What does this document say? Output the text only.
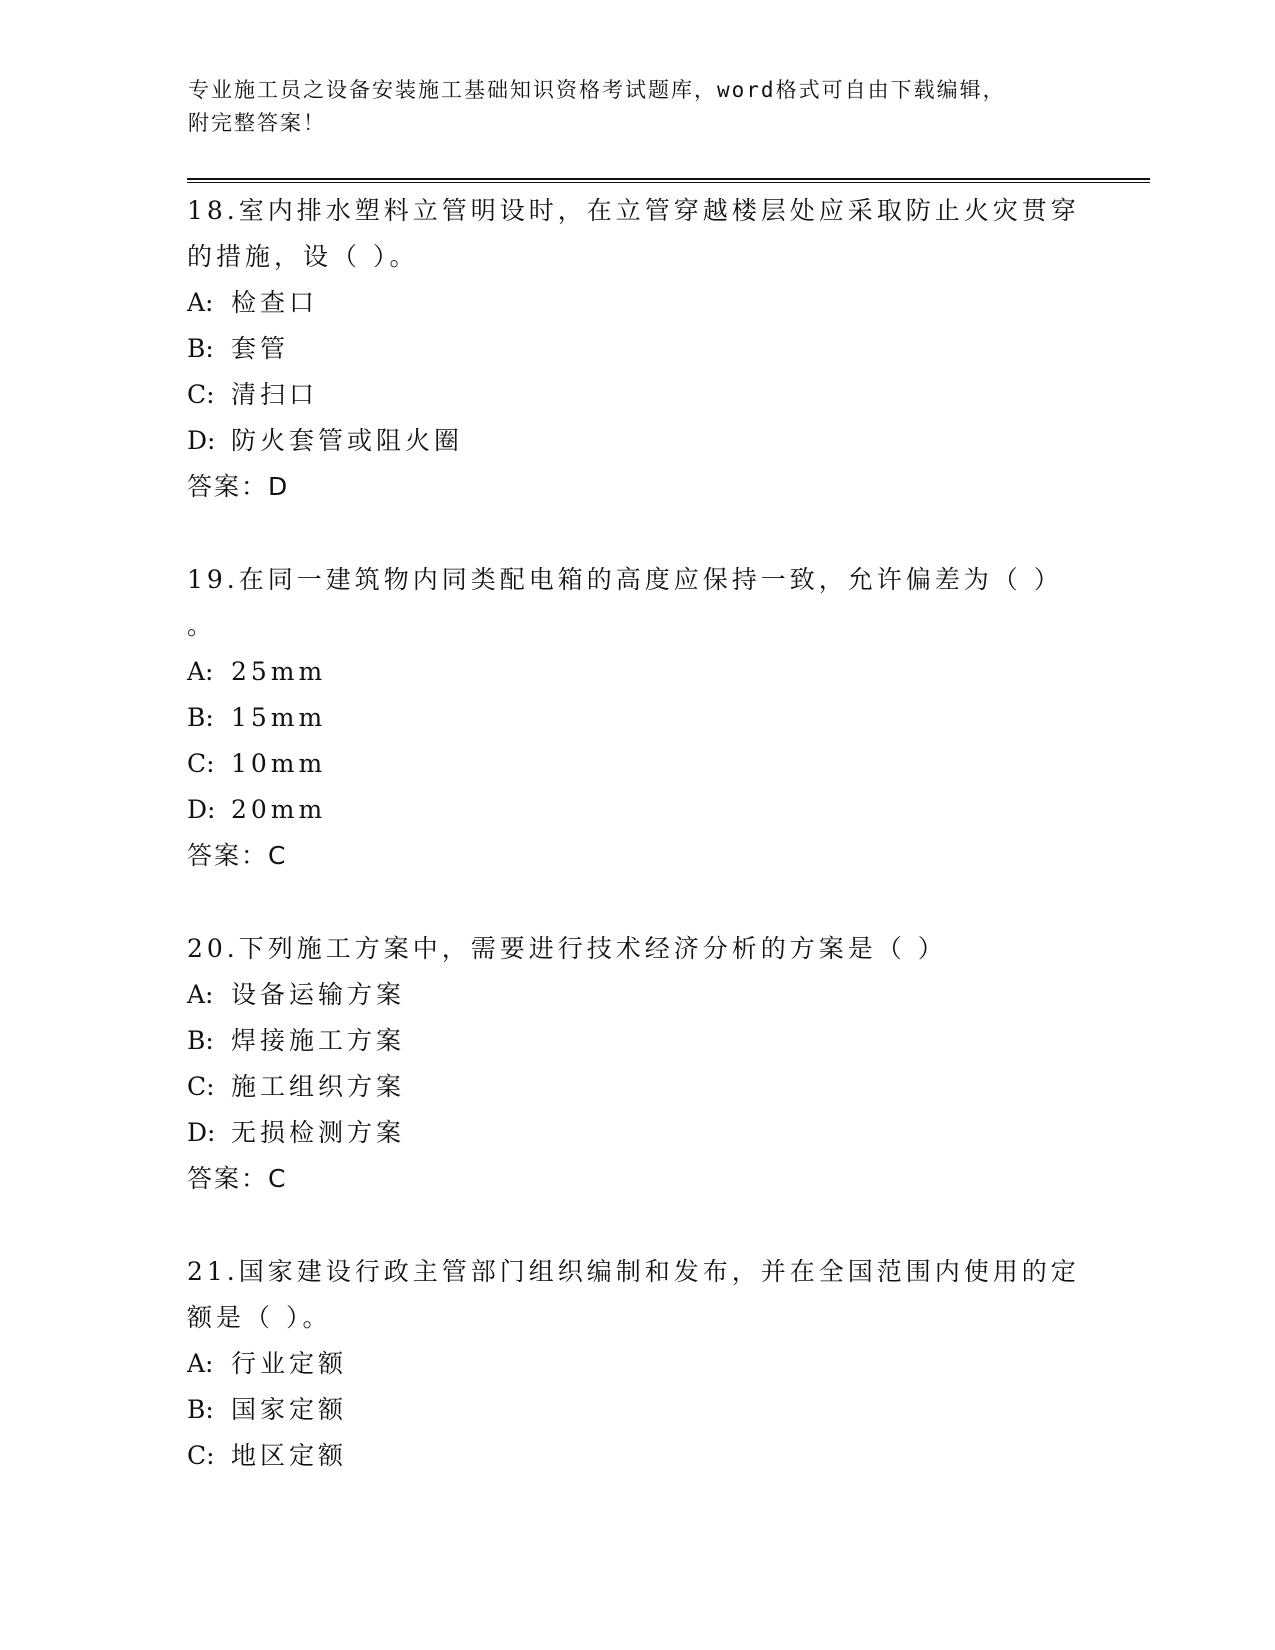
专业施工员之设备安装施工基础知识资格考试题库，word格式可自由下载编辑，
附完整答案！

18.室内排水塑料立管明设时，在立管穿越楼层处应采取防止火灾贯穿

的措施，设（ ）。

A: 检查口

B: 套管

C: 清扫口

D: 防火套管或阻火圈

答案：D

19.在同一建筑物内同类配电箱的高度应保持一致，允许偏差为（ ）

。

A: 25mm

B: 15mm

C: 10mm

D: 20mm

答案：C

20.下列施工方案中，需要进行技术经济分析的方案是（ ）

A: 设备运输方案

B: 焊接施工方案

C: 施工组织方案

D: 无损检测方案

答案：C

21.国家建设行政主管部门组织编制和发布，并在全国范围内使用的定

额是（ ）。

A: 行业定额

B: 国家定额

C: 地区定额
